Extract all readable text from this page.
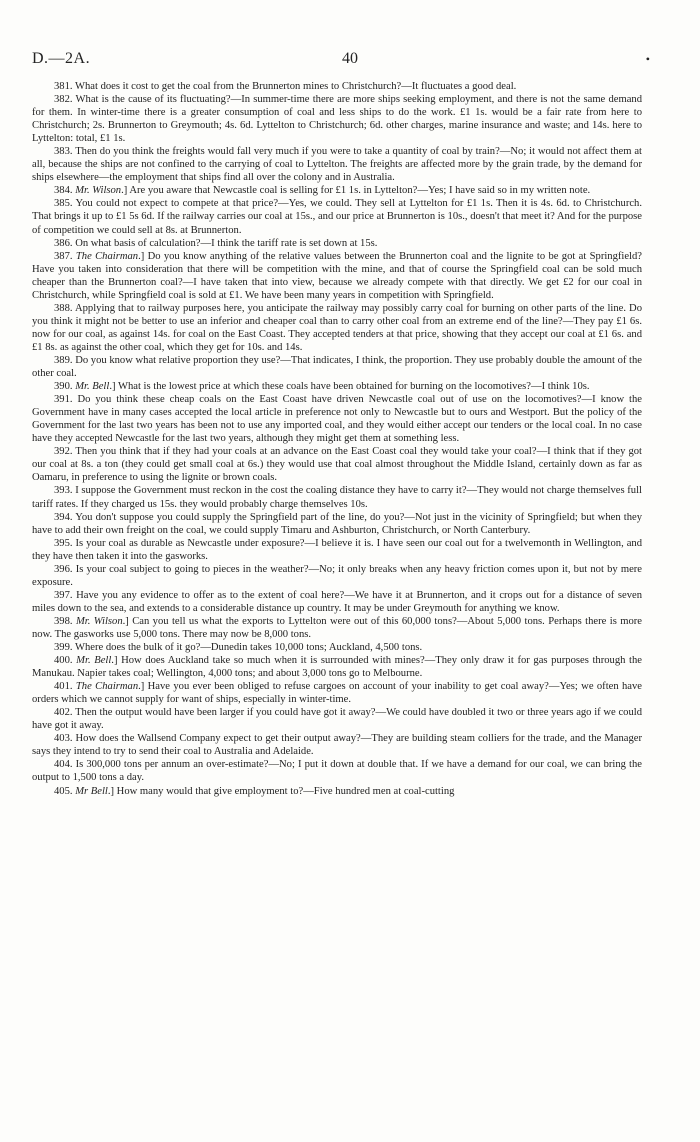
D.—2A.	40	•

381. What does it cost to get the coal from the Brunnerton mines to Christchurch?—It fluctuates a good deal.

382. What is the cause of its fluctuating?—In summer-time there are more ships seeking employment, and there is not the same demand for them. In winter-time there is a greater consumption of coal and less ships to do the work. £1 1s. would be a fair rate from here to Christchurch; 2s. Brunnerton to Greymouth; 4s. 6d. Lyttelton to Christchurch; 6d. other charges, marine insurance and waste; and 14s. here to Lyttelton: total, £1 1s.

383. Then do you think the freights would fall very much if you were to take a quantity of coal by train?—No; it would not affect them at all, because the ships are not confined to the carrying of coal to Lyttelton. The freights are affected more by the grain trade, by the demand for ships elsewhere—the employment that ships find all over the colony and in Australia.

384. Mr. Wilson.] Are you aware that Newcastle coal is selling for £1 1s. in Lyttelton?—Yes; I have said so in my written note.

385. You could not expect to compete at that price?—Yes, we could. They sell at Lyttelton for £1 1s. Then it is 4s. 6d. to Christchurch. That brings it up to £1 5s 6d. If the railway carries our coal at 15s., and our price at Brunnerton is 10s., doesn't that meet it? And for the purpose of competition we could sell at 8s. at Brunnerton.

386. On what basis of calculation?—I think the tariff rate is set down at 15s.

387. The Chairman.] Do you know anything of the relative values between the Brunnerton coal and the lignite to be got at Springfield? Have you taken into consideration that there will be competition with the mine, and that of course the Springfield coal can be sold much cheaper than the Brunnerton coal?—I have taken that into view, because we already compete with that directly. We get £2 for our coal in Christchurch, while Springfield coal is sold at £1. We have been many years in competition with Springfield.

388. Applying that to railway purposes here, you anticipate the railway may possibly carry coal for burning on other parts of the line. Do you think it might not be better to use an inferior and cheaper coal than to carry other coal from an extreme end of the line?—They pay £1 6s. now for our coal, as against 14s. for coal on the East Coast. They accepted tenders at that price, showing that they accept our coal at £1 6s. and £1 8s. as against the other coal, which they get for 10s. and 14s.

389. Do you know what relative proportion they use?—That indicates, I think, the proportion. They use probably double the amount of the other coal.

390. Mr. Bell.] What is the lowest price at which these coals have been obtained for burning on the locomotives?—I think 10s.

391. Do you think these cheap coals on the East Coast have driven Newcastle coal out of use on the locomotives?—I know the Government have in many cases accepted the local article in preference not only to Newcastle but to ours and Westport. But the policy of the Government for the last two years has been not to use any imported coal, and they would either accept our tenders or the local coal. In no case have they accepted Newcastle for the last two years, although they might get them at something less.

392. Then you think that if they had your coals at an advance on the East Coast coal they would take your coal?—I think that if they got our coal at 8s. a ton (they could get small coal at 6s.) they would use that coal almost throughout the Middle Island, certainly down as far as Oamaru, in preference to using the lignite or brown coals.

393. I suppose the Government must reckon in the cost the coaling distance they have to carry it?—They would not charge themselves full tariff rates. If they charged us 15s. they would probably charge themselves 10s.

394. You don't suppose you could supply the Springfield part of the line, do you?—Not just in the vicinity of Springfield; but when they have to add their own freight on the coal, we could supply Timaru and Ashburton, Christchurch, or North Canterbury.

395. Is your coal as durable as Newcastle under exposure?—I believe it is. I have seen our coal out for a twelvemonth in Wellington, and they have then taken it into the gasworks.

396. Is your coal subject to going to pieces in the weather?—No; it only breaks when any heavy friction comes upon it, but not by mere exposure.

397. Have you any evidence to offer as to the extent of coal here?—We have it at Brunnerton, and it crops out for a distance of seven miles down to the sea, and extends to a considerable distance up country. It may be under Greymouth for anything we know.

398. Mr. Wilson.] Can you tell us what the exports to Lyttelton were out of this 60,000 tons?—About 5,000 tons. Perhaps there is more now. The gasworks use 5,000 tons. There may now be 8,000 tons.

399. Where does the bulk of it go?—Dunedin takes 10,000 tons; Auckland, 4,500 tons.

400. Mr. Bell.] How does Auckland take so much when it is surrounded with mines?—They only draw it for gas purposes through the Manukau. Napier takes coal; Wellington, 4,000 tons; and about 3,000 tons go to Melbourne.

401. The Chairman.] Have you ever been obliged to refuse cargoes on account of your inability to get coal away?—Yes; we often have orders which we cannot supply for want of ships, especially in winter-time.

402. Then the output would have been larger if you could have got it away?—We could have doubled it two or three years ago if we could have got it away.

403. How does the Wallsend Company expect to get their output away?—They are building steam colliers for the trade, and the Manager says they intend to try to send their coal to Australia and Adelaide.

404. Is 300,000 tons per annum an over-estimate?—No; I put it down at double that. If we have a demand for our coal, we can bring the output to 1,500 tons a day.

405. Mr Bell.] How many would that give employment to?—Five hundred men at coal-cutting
